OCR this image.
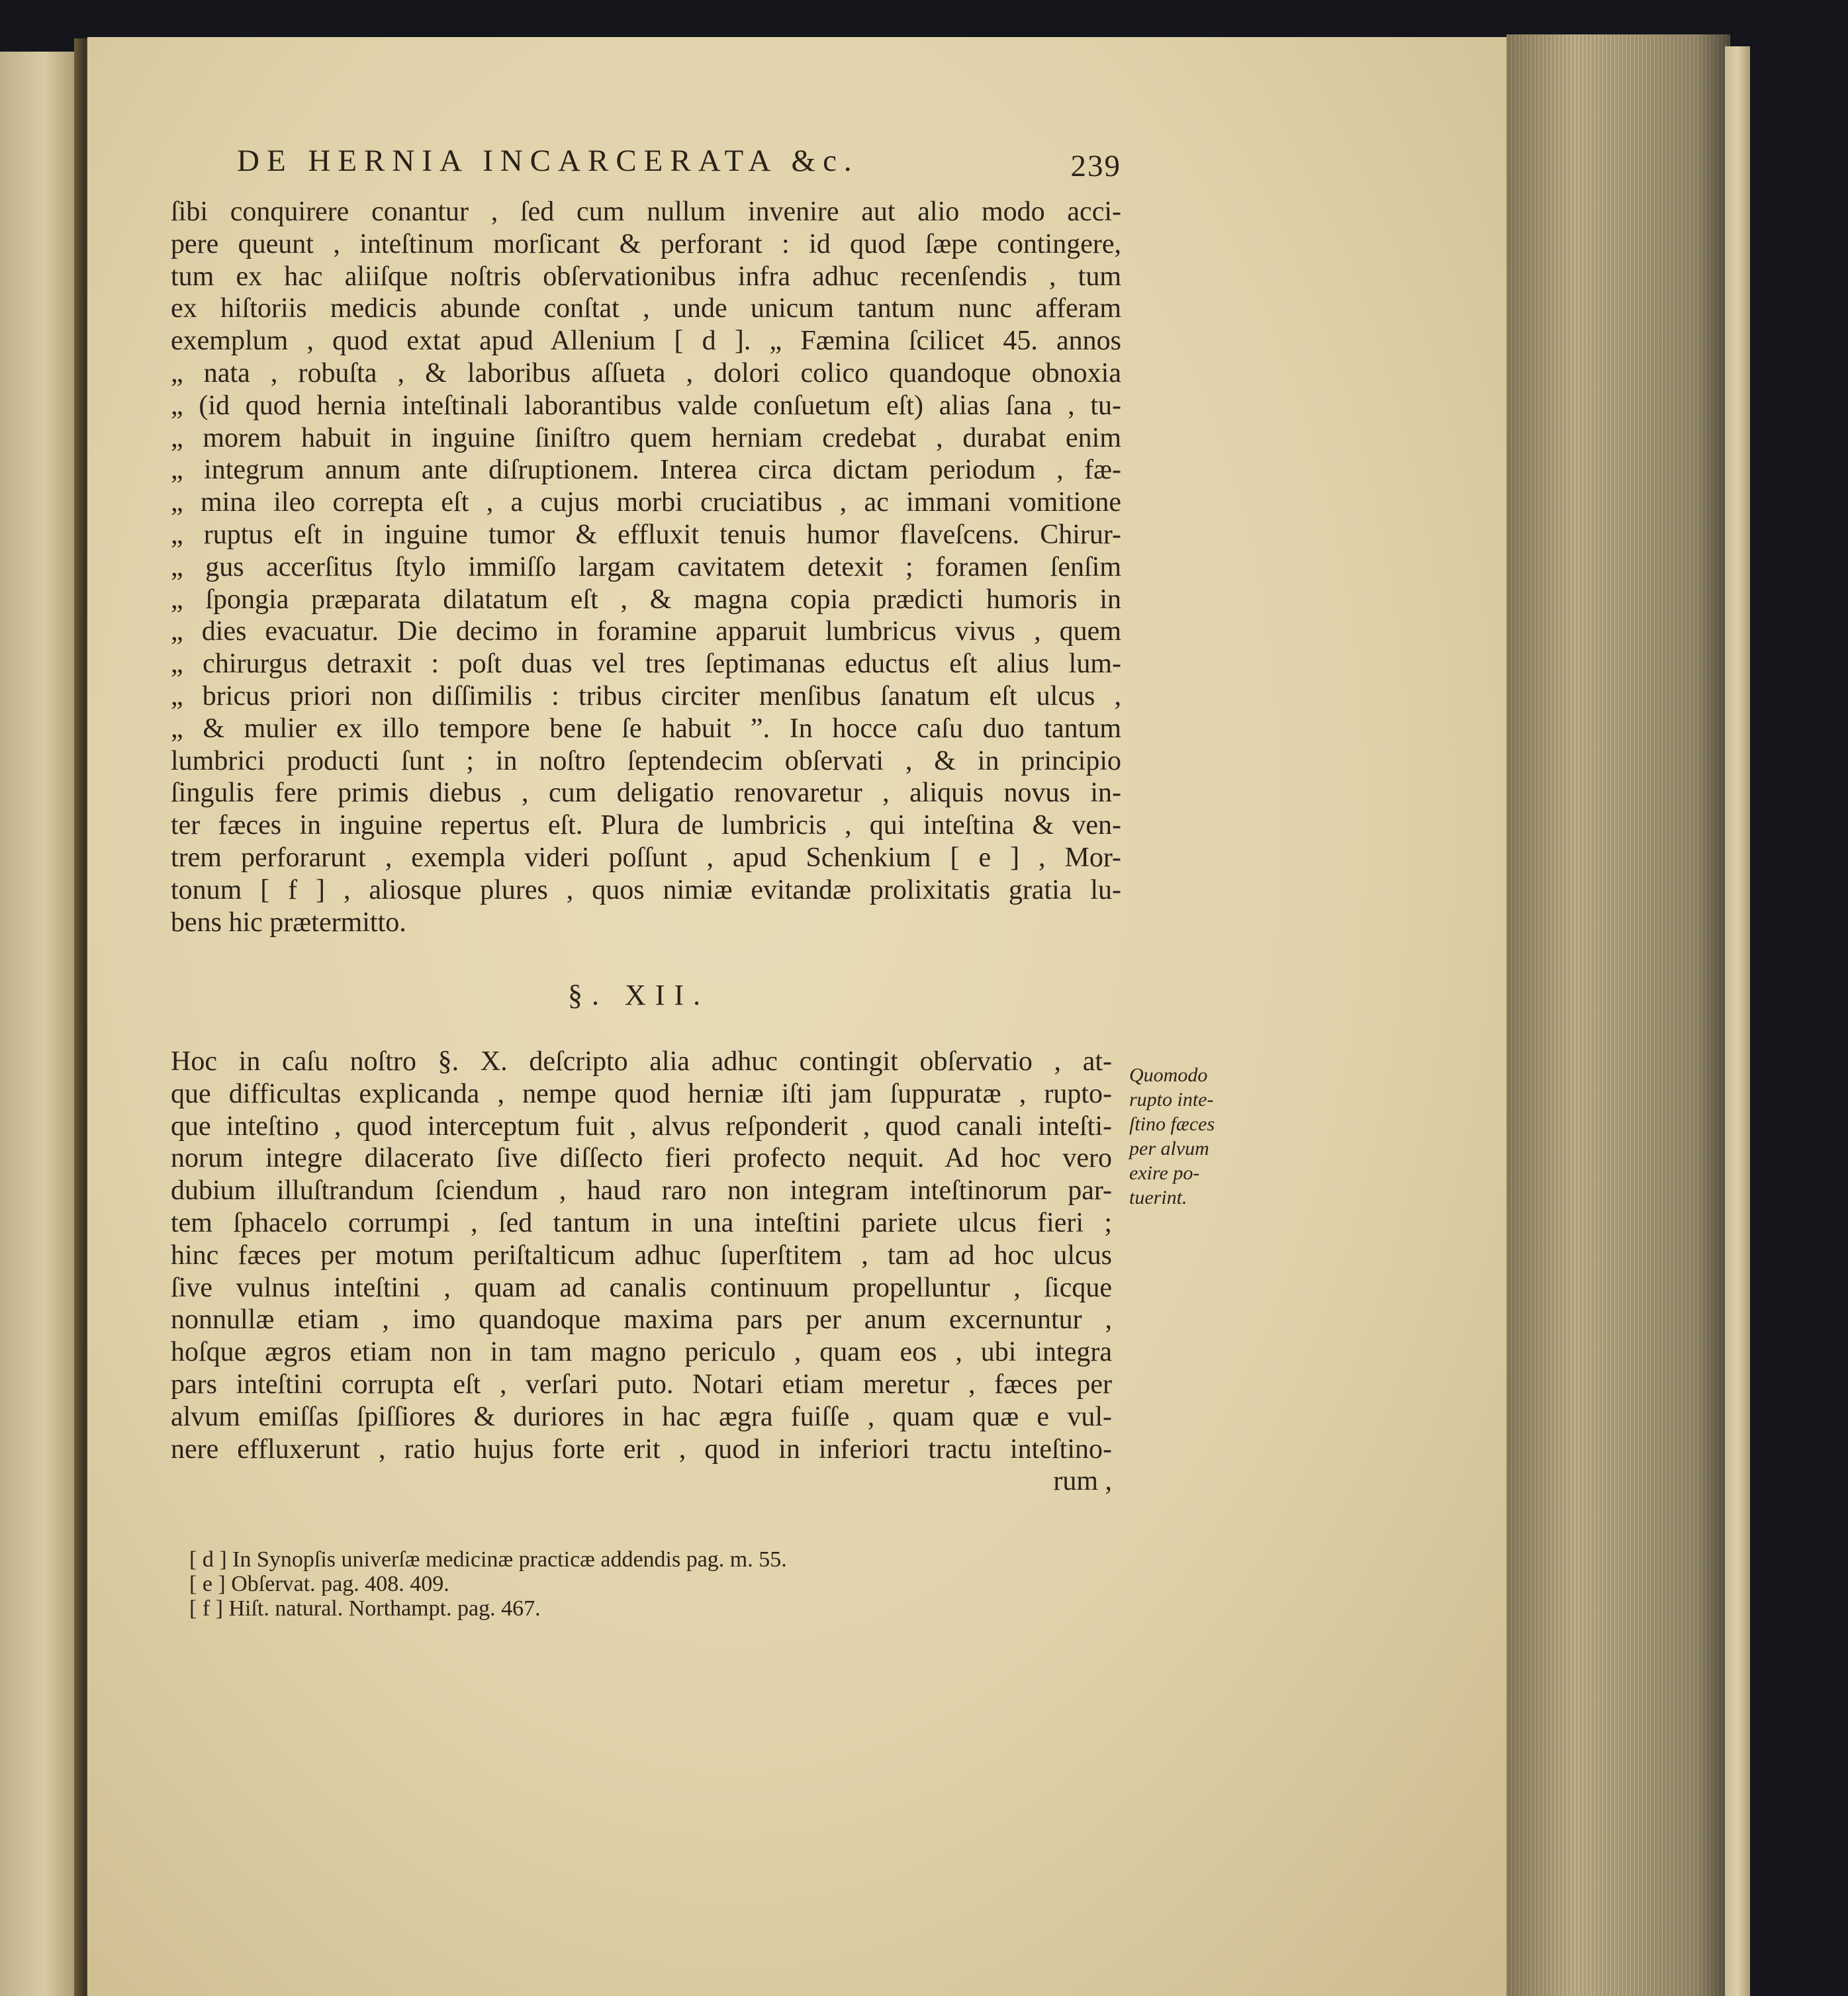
DE HERNIA INCARCERATA &c.	239
ſibi conquirere conantur , ſed cum nullum invenire aut alio modo acci-
pere queunt , inteſtinum morſicant & perforant : id quod ſæpe contingere,
tum ex hac aliiſque noſtris obſervationibus infra adhuc recenſendis , tum
ex hiſtoriis medicis abunde conſtat , unde unicum tantum nunc afferam
exemplum , quod extat apud Allenium [ d ]. „ Fæmina ſcilicet 45. annos
„ nata , robuſta , & laboribus aſſueta , dolori colico quandoque obnoxia
„ (id quod hernia inteſtinali laborantibus valde conſuetum eſt) alias ſana , tu-
„ morem habuit in inguine ſiniſtro quem herniam credebat , durabat enim
„ integrum annum ante diſruptionem. Interea circa dictam periodum , fæ-
„ mina ileo correpta eſt , a cujus morbi cruciatibus , ac immani vomitione
„ ruptus eſt in inguine tumor & effluxit tenuis humor flaveſcens. Chirur-
„ gus accerſitus ſtylo immiſſo largam cavitatem detexit ; foramen ſenſim
„ ſpongia præparata dilatatum eſt , & magna copia prædicti humoris in
„ dies evacuatur. Die decimo in foramine apparuit lumbricus vivus , quem
„ chirurgus detraxit : poſt duas vel tres ſeptimanas eductus eſt alius lum-
„ bricus priori non diſſimilis : tribus circiter menſibus ſanatum eſt ulcus ,
„ & mulier ex illo tempore bene ſe habuit ”. In hocce caſu duo tantum
lumbrici producti ſunt ; in noſtro ſeptendecim obſervati , & in principio
ſingulis fere primis diebus , cum deligatio renovaretur , aliquis novus in-
ter fæces in inguine repertus eſt. Plura de lumbricis , qui inteſtina & ven-
trem perforarunt , exempla videri poſſunt , apud Schenkium [ e ] , Mor-
tonum [ f ] , aliosque plures , quos nimiæ evitandæ prolixitatis gratia lu-
bens hic prætermitto.
§. XII.
Hoc in caſu noſtro §. X. deſcripto alia adhuc contingit obſervatio , at-
que difficultas explicanda , nempe quod herniæ iſti jam ſuppuratæ , rupto-
que inteſtino , quod interceptum fuit , alvus reſponderit , quod canali inteſti-
norum integre dilacerato ſive diſſecto fieri profecto nequit. Ad hoc vero
dubium illuſtrandum ſciendum , haud raro non integram inteſtinorum par-
tem ſphacelo corrumpi , ſed tantum in una inteſtini pariete ulcus fieri ;
hinc fæces per motum periſtalticum adhuc ſuperſtitem , tam ad hoc ulcus
ſive vulnus inteſtini , quam ad canalis continuum propelluntur , ſicque
nonnullæ etiam , imo quandoque maxima pars per anum excernuntur ,
hoſque ægros etiam non in tam magno periculo , quam eos , ubi integra
pars inteſtini corrupta eſt , verſari puto. Notari etiam meretur , fæces per
alvum emiſſas ſpiſſiores & duriores in hac ægra fuiſſe , quam quæ e vul-
nere effluxerunt , ratio hujus forte erit , quod in inferiori tractu inteſtino-
rum ,
Quomodo
rupto inte-
ſtino fæces
per alvum
exire po-
tuerint.
[ d ] In Synopſis univerſæ medicinæ practicæ addendis pag. m. 55.
[ e ] Obſervat. pag. 408. 409.
[ f ] Hiſt. natural. Northampt. pag. 467.
